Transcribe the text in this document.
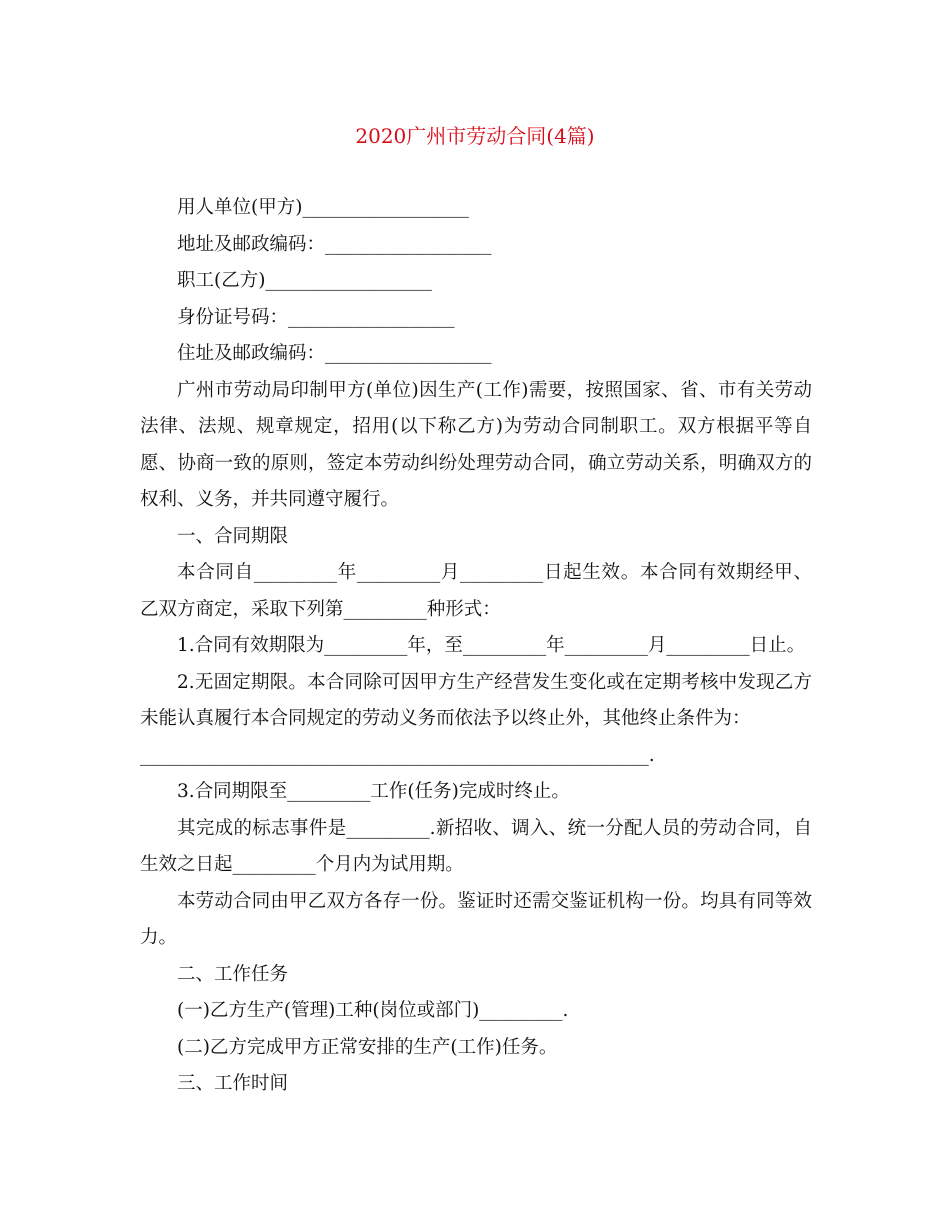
2020广州市劳动合同(4篇)

用人单位(甲方)__________________

地址及邮政编码：__________________

职工(乙方)__________________

身份证号码：__________________

住址及邮政编码：__________________

广州市劳动局印制甲方(单位)因生产(工作)需要，按照国家、省、市有关劳动法律、法规、规章规定，招用(以下称乙方)为劳动合同制职工。双方根据平等自愿、协商一致的原则，签定本劳动纠纷处理劳动合同，确立劳动关系，明确双方的权利、义务，并共同遵守履行。

一、合同期限

本合同自_________年_________月_________日起生效。本合同有效期经甲、乙双方商定，采取下列第_________种形式：

1.合同有效期限为_________年，至_________年_________月_________日止。

2.无固定期限。本合同除可因甲方生产经营发生变化或在定期考核中发现乙方未能认真履行本合同规定的劳动义务而依法予以终止外，其他终止条件为：

_______________________________________________________.

3.合同期限至_________工作(任务)完成时终止。

其完成的标志事件是_________.新招收、调入、统一分配人员的劳动合同，自生效之日起_________个月内为试用期。

本劳动合同由甲乙双方各存一份。鉴证时还需交鉴证机构一份。均具有同等效力。

二、工作任务

(一)乙方生产(管理)工种(岗位或部门)_________.

(二)乙方完成甲方正常安排的生产(工作)任务。

三、工作时间
